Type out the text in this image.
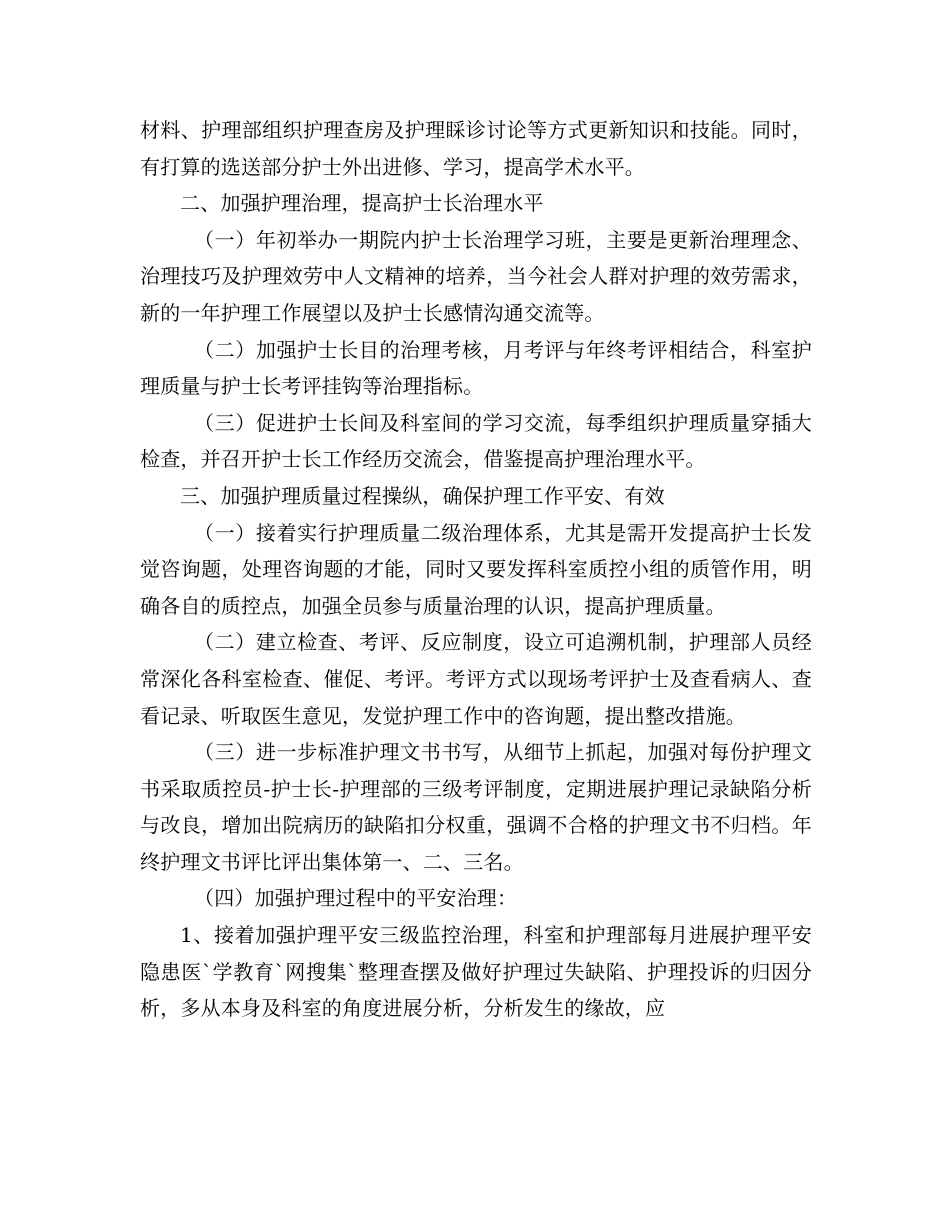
材料、护理部组织护理查房及护理睬诊讨论等方式更新知识和技能。同时，有打算的选送部分护士外出进修、学习，提高学术水平。

二、加强护理治理，提高护士长治理水平

（一）年初举办一期院内护士长治理学习班，主要是更新治理理念、治理技巧及护理效劳中人文精神的培养，当今社会人群对护理的效劳需求，新的一年护理工作展望以及护士长感情沟通交流等。

（二）加强护士长目的治理考核，月考评与年终考评相结合，科室护理质量与护士长考评挂钩等治理指标。

（三）促进护士长间及科室间的学习交流，每季组织护理质量穿插大检查，并召开护士长工作经历交流会，借鉴提高护理治理水平。

三、加强护理质量过程操纵，确保护理工作平安、有效

（一）接着实行护理质量二级治理体系，尤其是需开发提高护士长发觉咨询题，处理咨询题的才能，同时又要发挥科室质控小组的质管作用，明确各自的质控点，加强全员参与质量治理的认识，提高护理质量。

（二）建立检查、考评、反应制度，设立可追溯机制，护理部人员经常深化各科室检查、催促、考评。考评方式以现场考评护士及查看病人、查看记录、听取医生意见，发觉护理工作中的咨询题，提出整改措施。

（三）进一步标准护理文书书写，从细节上抓起，加强对每份护理文书采取质控员-护士长-护理部的三级考评制度，定期进展护理记录缺陷分析与改良，增加出院病历的缺陷扣分权重，强调不合格的护理文书不归档。年终护理文书评比评出集体第一、二、三名。

（四）加强护理过程中的平安治理：

1、接着加强护理平安三级监控治理，科室和护理部每月进展护理平安隐患医`学教育`网搜集`整理查摆及做好护理过失缺陷、护理投诉的归因分析，多从本身及科室的角度进展分析，分析发生的缘故，应
